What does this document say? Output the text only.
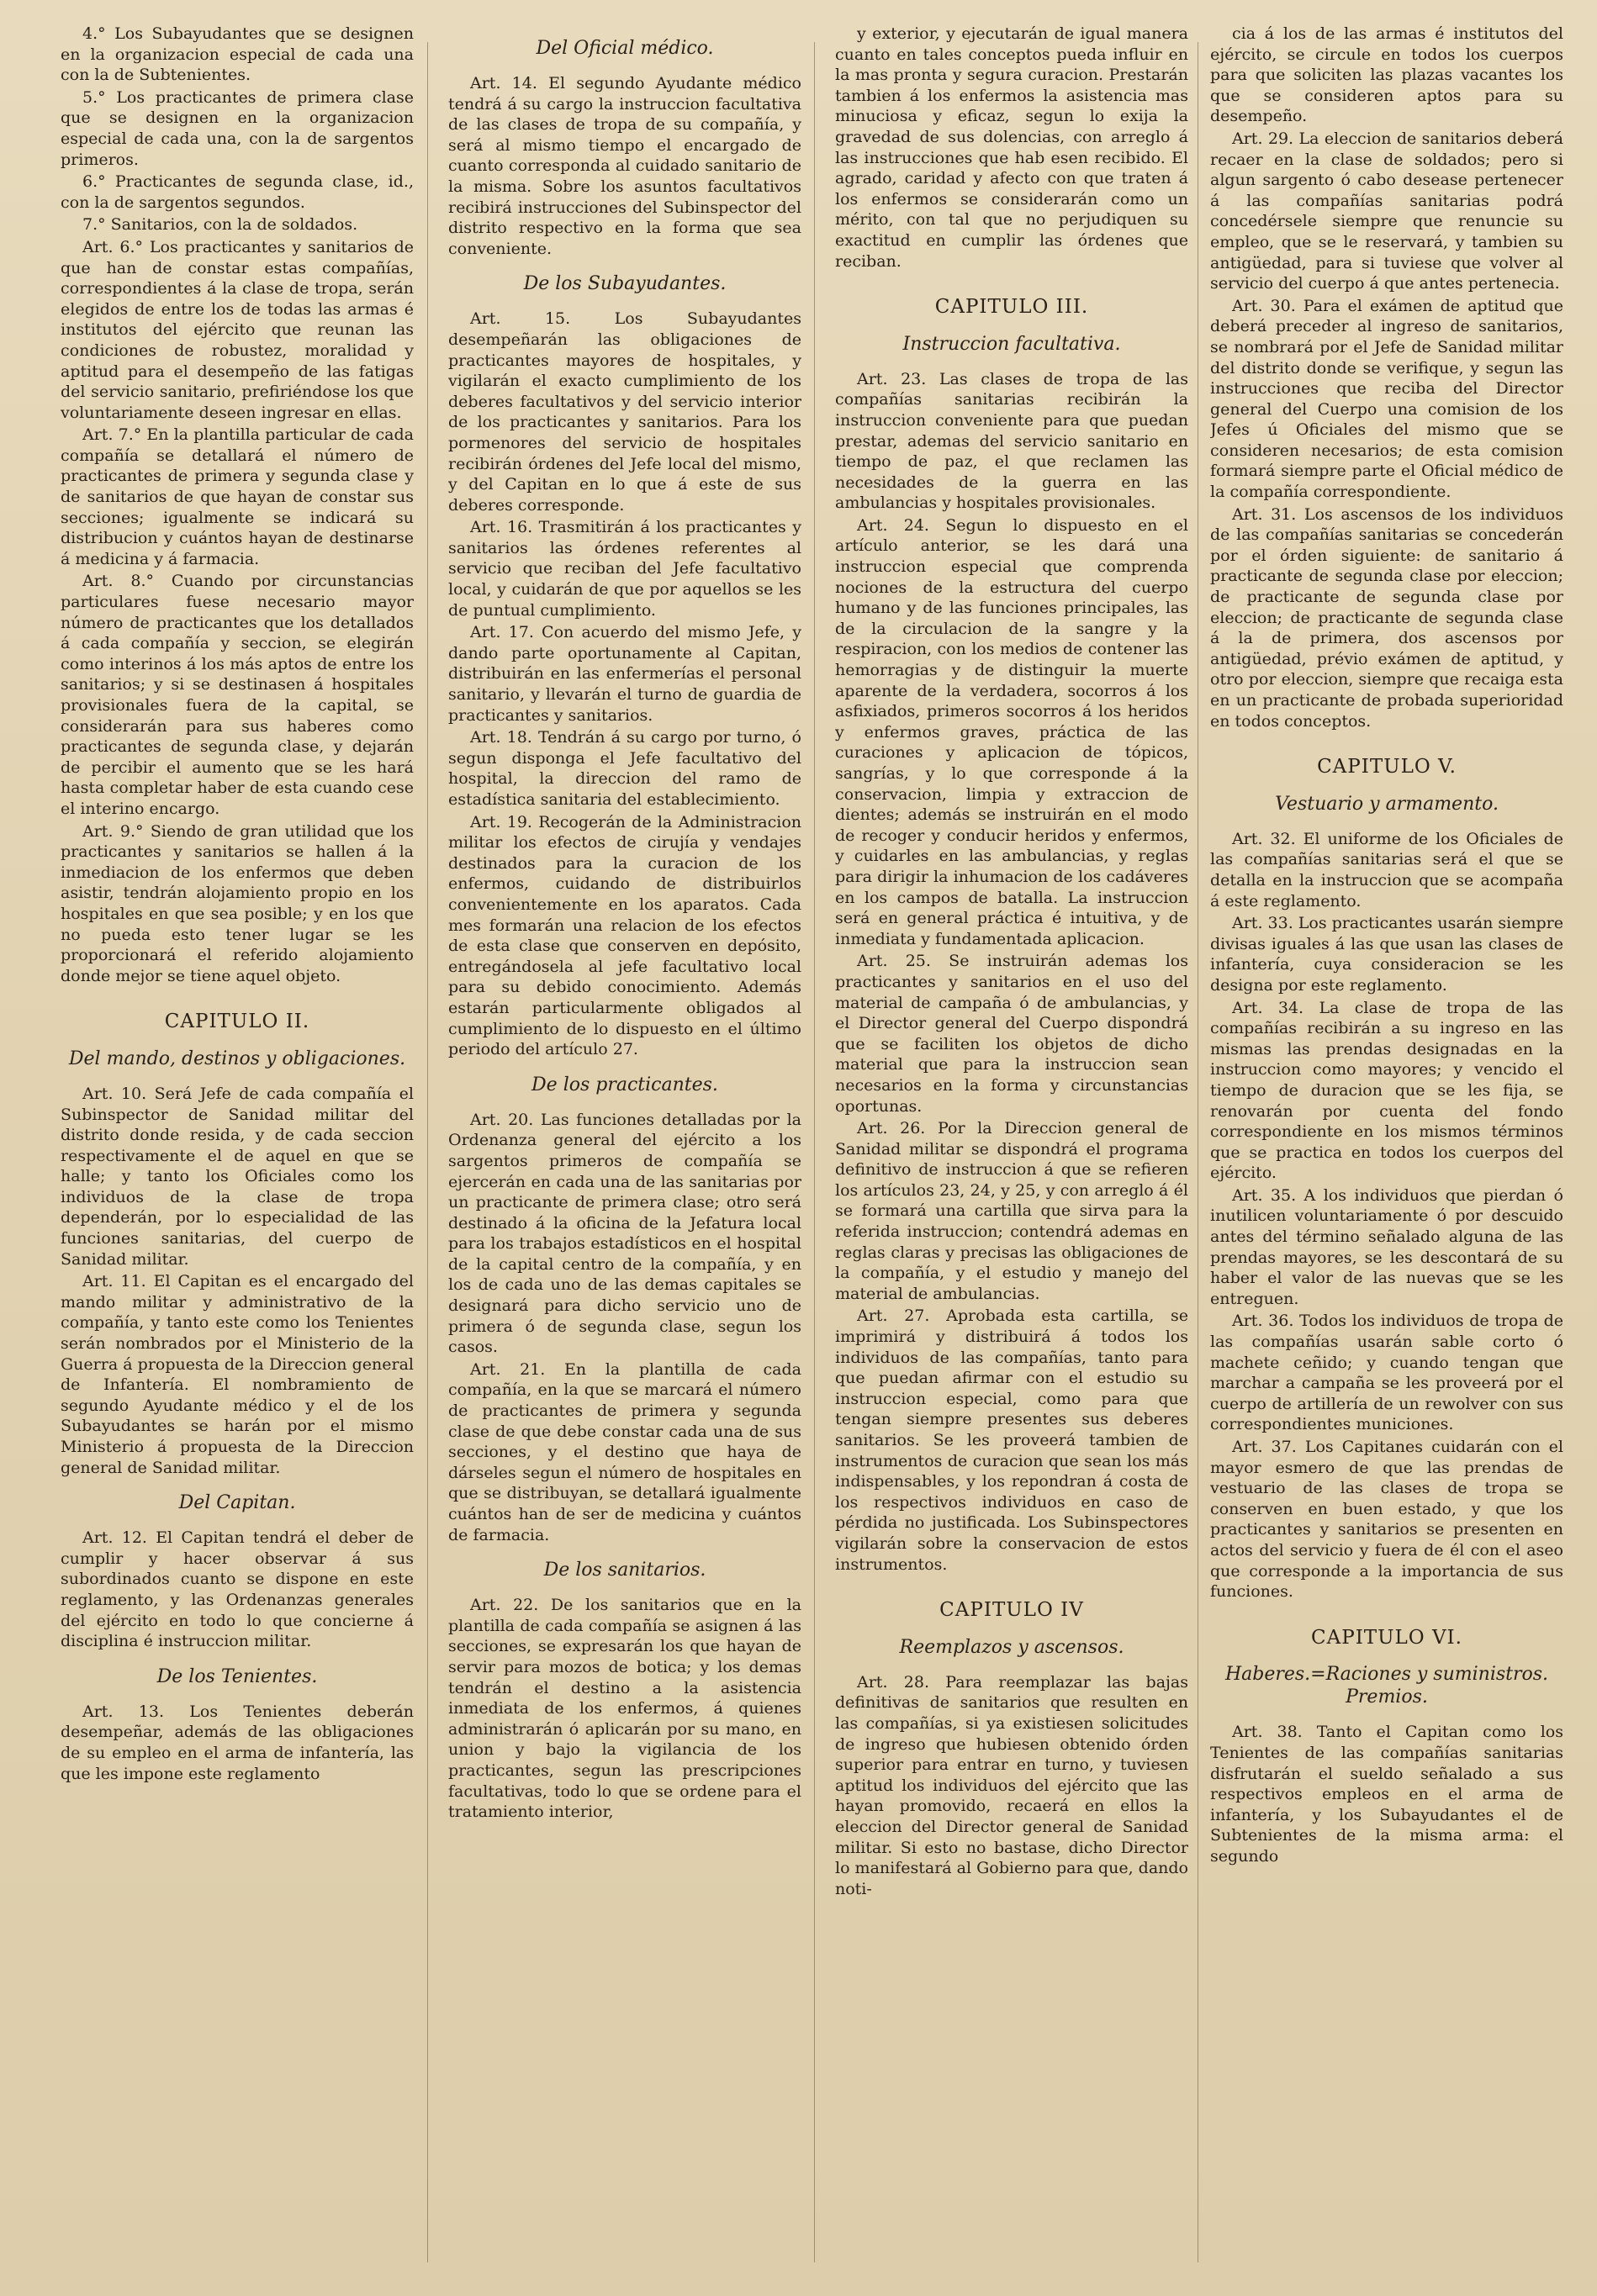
4.° Los Subayudantes que se designen en la organizacion especial de cada una con la de Subtenientes.
5.° Los practicantes de primera clase que se designen en la organizacion especial de cada una, con la de sargentos primeros.
6.° Practicantes de segunda clase, id., con la de sargentos segundos.
7.° Sanitarios, con la de soldados.
Art. 6.° Los practicantes y sanitarios de que han de constar estas compañías, correspondientes á la clase de tropa, serán elegidos de entre los de todas las armas é institutos del ejército que reunan las condiciones de robustez, moralidad y aptitud para el desempeño de las fatigas del servicio sanitario, prefiriéndose los que voluntariamente deseen ingresar en ellas.
Art. 7.° En la plantilla particular de cada compañía se detallará el número de practicantes de primera y segunda clase y de sanitarios de que hayan de constar sus secciones; igualmente se indicará su distribucion y cuántos hayan de destinarse á medicina y á farmacia.
Art. 8.° Cuando por circunstancias particulares fuese necesario mayor número de practicantes que los detallados á cada compañía y seccion, se elegirán como interinos á los más aptos de entre los sanitarios; y si se destinasen á hospitales provisionales fuera de la capital, se considerarán para sus haberes como practicantes de segunda clase, y dejarán de percibir el aumento que se les hará hasta completar haber de esta cuando cese el interino encargo.
Art. 9.° Siendo de gran utilidad que los practicantes y sanitarios se hallen á la inmediacion de los enfermos que deben asistir, tendrán alojamiento propio en los hospitales en que sea posible; y en los que no pueda esto tener lugar se les proporcionará el referido alojamiento donde mejor se tiene aquel objeto.
CAPITULO II.
Del mando, destinos y obligaciones.
Art. 10. Será Jefe de cada compañía el Subinspector de Sanidad militar del distrito donde resida, y de cada seccion respectivamente el de aquel en que se halle; y tanto los Oficiales como los individuos de la clase de tropa dependerán, por lo especialidad de las funciones sanitarias, del cuerpo de Sanidad militar.
Art. 11. El Capitan es el encargado del mando militar y administrativo de la compañía, y tanto este como los Tenientes serán nombrados por el Ministerio de la Guerra á propuesta de la Direccion general de Infantería. El nombramiento de segundo Ayudante médico y el de los Subayudantes se harán por el mismo Ministerio á propuesta de la Direccion general de Sanidad militar.
Del Capitan.
Art. 12. El Capitan tendrá el deber de cumplir y hacer observar á sus subordinados cuanto se dispone en este reglamento, y las Ordenanzas generales del ejército en todo lo que concierne á disciplina é instruccion militar.
De los Tenientes.
Art. 13. Los Tenientes deberán desempeñar, además de las obligaciones de su empleo en el arma de infantería, las que les impone este reglamento
Del Oficial médico.
Art. 14. El segundo Ayudante médico tendrá á su cargo la instruccion facultativa de las clases de tropa de su compañía, y será al mismo tiempo el encargado de cuanto corresponda al cuidado sanitario de la misma. Sobre los asuntos facultativos recibirá instrucciones del Subinspector del distrito respectivo en la forma que sea conveniente.
De los Subayudantes.
Art. 15. Los Subayudantes desempeñarán las obligaciones de practicantes mayores de hospitales, y vigilarán el exacto cumplimiento de los deberes facultativos y del servicio interior de los practicantes y sanitarios. Para los pormenores del servicio de hospitales recibirán órdenes del Jefe local del mismo, y del Capitan en lo que á este de sus deberes corresponde.
Art. 16. Trasmitirán á los practicantes y sanitarios las órdenes referentes al servicio que reciban del Jefe facultativo local, y cuidarán de que por aquellos se les de puntual cumplimiento.
Art. 17. Con acuerdo del mismo Jefe, y dando parte oportunamente al Capitan, distribuirán en las enfermerías el personal sanitario, y llevarán el turno de guardia de practicantes y sanitarios.
Art. 18. Tendrán á su cargo por turno, ó segun disponga el Jefe facultativo del hospital, la direccion del ramo de estadística sanitaria del establecimiento.
Art. 19. Recogerán de la Administracion militar los efectos de cirujía y vendajes destinados para la curacion de los enfermos, cuidando de distribuirlos convenientemente en los aparatos. Cada mes formarán una relacion de los efectos de esta clase que conserven en depósito, entregándosela al jefe facultativo local para su debido conocimiento. Además estarán particularmente obligados al cumplimiento de lo dispuesto en el último periodo del artículo 27.
De los practicantes.
Art. 20. Las funciones detalladas por la Ordenanza general del ejército a los sargentos primeros de compañía se ejercerán en cada una de las sanitarias por un practicante de primera clase; otro será destinado á la oficina de la Jefatura local para los trabajos estadísticos en el hospital de la capital centro de la compañía, y en los de cada uno de las demas capitales se designará para dicho servicio uno de primera ó de segunda clase, segun los casos.
Art. 21. En la plantilla de cada compañía, en la que se marcará el número de practicantes de primera y segunda clase de que debe constar cada una de sus secciones, y el destino que haya de dárseles segun el número de hospitales en que se distribuyan, se detallará igualmente cuántos han de ser de medicina y cuántos de farmacia.
De los sanitarios.
Art. 22. De los sanitarios que en la plantilla de cada compañía se asignen á las secciones, se expresarán los que hayan de servir para mozos de botica; y los demas tendrán el destino a la asistencia inmediata de los enfermos, á quienes administrarán ó aplicarán por su mano, en union y bajo la vigilancia de los practicantes, segun las prescripciones facultativas, todo lo que se ordene para el tratamiento interior,
y exterior, y ejecutarán de igual manera cuanto en tales conceptos pueda influir en la mas pronta y segura curacion. Prestarán tambien á los enfermos la asistencia mas minuciosa y eficaz, segun lo exija la gravedad de sus dolencias, con arreglo á las instrucciones que hab esen recibido. El agrado, caridad y afecto con que traten á los enfermos se considerarán como un mérito, con tal que no perjudiquen su exactitud en cumplir las órdenes que reciban.
CAPITULO III.
Instruccion facultativa.
Art. 23. Las clases de tropa de las compañías sanitarias recibirán la instruccion conveniente para que puedan prestar, ademas del servicio sanitario en tiempo de paz, el que reclamen las necesidades de la guerra en las ambulancias y hospitales provisionales.
Art. 24. Segun lo dispuesto en el artículo anterior, se les dará una instruccion especial que comprenda nociones de la estructura del cuerpo humano y de las funciones principales, las de la circulacion de la sangre y la respiracion, con los medios de contener las hemorragias y de distinguir la muerte aparente de la verdadera, socorros á los asfixiados, primeros socorros á los heridos y enfermos graves, práctica de las curaciones y aplicacion de tópicos, sangrías, y lo que corresponde á la conservacion, limpia y extraccion de dientes; además se instruirán en el modo de recoger y conducir heridos y enfermos, y cuidarles en las ambulancias, y reglas para dirigir la inhumacion de los cadáveres en los campos de batalla. La instruccion será en general práctica é intuitiva, y de inmediata y fundamentada aplicacion.
Art. 25. Se instruirán ademas los practicantes y sanitarios en el uso del material de campaña ó de ambulancias, y el Director general del Cuerpo dispondrá que se faciliten los objetos de dicho material que para la instruccion sean necesarios en la forma y circunstancias oportunas.
Art. 26. Por la Direccion general de Sanidad militar se dispondrá el programa definitivo de instruccion á que se refieren los artículos 23, 24, y 25, y con arreglo á él se formará una cartilla que sirva para la referida instruccion; contendrá ademas en reglas claras y precisas las obligaciones de la compañía, y el estudio y manejo del material de ambulancias.
Art. 27. Aprobada esta cartilla, se imprimirá y distribuirá á todos los individuos de las compañías, tanto para que puedan afirmar con el estudio su instruccion especial, como para que tengan siempre presentes sus deberes sanitarios. Se les proveerá tambien de instrumentos de curacion que sean los más indispensables, y los repondran á costa de los respectivos individuos en caso de pérdida no justificada. Los Subinspectores vigilarán sobre la conservacion de estos instrumentos.
CAPITULO IV
Reemplazos y ascensos.
Art. 28. Para reemplazar las bajas definitivas de sanitarios que resulten en las compañías, si ya existiesen solicitudes de ingreso que hubiesen obtenido órden superior para entrar en turno, y tuviesen aptitud los individuos del ejército que las hayan promovido, recaerá en ellos la eleccion del Director general de Sanidad militar. Si esto no bastase, dicho Director lo manifestará al Gobierno para que, dando noti-
cia á los de las armas é institutos del ejército, se circule en todos los cuerpos para que soliciten las plazas vacantes los que se consideren aptos para su desempeño.
Art. 29. La eleccion de sanitarios deberá recaer en la clase de soldados; pero si algun sargento ó cabo desease pertenecer á las compañías sanitarias podrá concedérsele siempre que renuncie su empleo, que se le reservará, y tambien su antigüedad, para si tuviese que volver al servicio del cuerpo á que antes pertenecia.
Art. 30. Para el exámen de aptitud que deberá preceder al ingreso de sanitarios, se nombrará por el Jefe de Sanidad militar del distrito donde se verifique, y segun las instrucciones que reciba del Director general del Cuerpo una comision de los Jefes ú Oficiales del mismo que se consideren necesarios; de esta comision formará siempre parte el Oficial médico de la compañía correspondiente.
Art. 31. Los ascensos de los individuos de las compañías sanitarias se concederán por el órden siguiente: de sanitario á practicante de segunda clase por eleccion; de practicante de segunda clase por eleccion; de practicante de segunda clase á la de primera, dos ascensos por antigüedad, prévio exámen de aptitud, y otro por eleccion, siempre que recaiga esta en un practicante de probada superioridad en todos conceptos.
CAPITULO V.
Vestuario y armamento.
Art. 32. El uniforme de los Oficiales de las compañías sanitarias será el que se detalla en la instruccion que se acompaña á este reglamento.
Art. 33. Los practicantes usarán siempre divisas iguales á las que usan las clases de infantería, cuya consideracion se les designa por este reglamento.
Art. 34. La clase de tropa de las compañías recibirán a su ingreso en las mismas las prendas designadas en la instruccion como mayores; y vencido el tiempo de duracion que se les fija, se renovarán por cuenta del fondo correspondiente en los mismos términos que se practica en todos los cuerpos del ejército.
Art. 35. A los individuos que pierdan ó inutilicen voluntariamente ó por descuido antes del término señalado alguna de las prendas mayores, se les descontará de su haber el valor de las nuevas que se les entreguen.
Art. 36. Todos los individuos de tropa de las compañías usarán sable corto ó machete ceñido; y cuando tengan que marchar a campaña se les proveerá por el cuerpo de artillería de un rewolver con sus correspondientes municiones.
Art. 37. Los Capitanes cuidarán con el mayor esmero de que las prendas de vestuario de las clases de tropa se conserven en buen estado, y que los practicantes y sanitarios se presenten en actos del servicio y fuera de él con el aseo que corresponde a la importancia de sus funciones.
CAPITULO VI.
Haberes.=Raciones y suministros. Premios.
Art. 38. Tanto el Capitan como los Tenientes de las compañías sanitarias disfrutarán el sueldo señalado a sus respectivos empleos en el arma de infantería, y los Subayudantes el de Subtenientes de la misma arma: el segundo
